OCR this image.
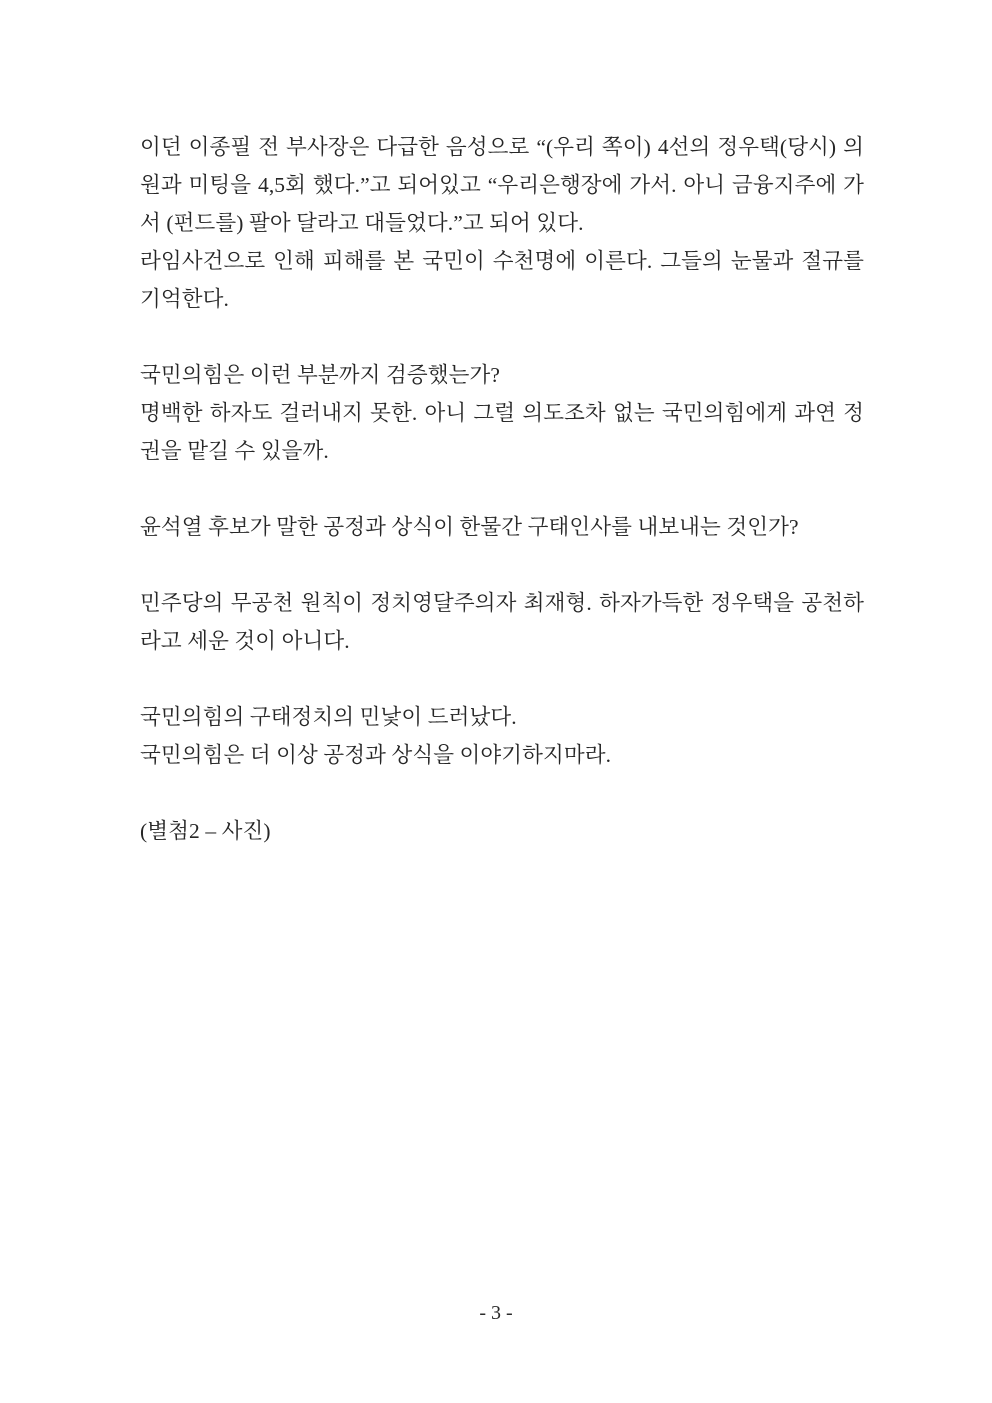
이던 이종필 전 부사장은 다급한 음성으로 “(우리 쪽이) 4선의 정우택(당시) 의원과 미팅을 4,5회 했다.”고 되어있고 “우리은행장에 가서. 아니 금융지주에 가서 (펀드를) 팔아 달라고 대들었다.”고 되어 있다.

라임사건으로 인해 피해를 본 국민이 수천명에 이른다. 그들의 눈물과 절규를 기억한다.

국민의힘은 이런 부분까지 검증했는가?

명백한 하자도 걸러내지 못한. 아니 그럴 의도조차 없는 국민의힘에게 과연 정권을 맡길 수 있을까.

윤석열 후보가 말한 공정과 상식이 한물간 구태인사를 내보내는 것인가?

민주당의 무공천 원칙이 정치영달주의자 최재형. 하자가득한 정우택을 공천하라고 세운 것이 아니다.

국민의힘의 구태정치의 민낯이 드러났다.

국민의힘은 더 이상 공정과 상식을 이야기하지마라.

(별첨2 – 사진)

- 3 -
